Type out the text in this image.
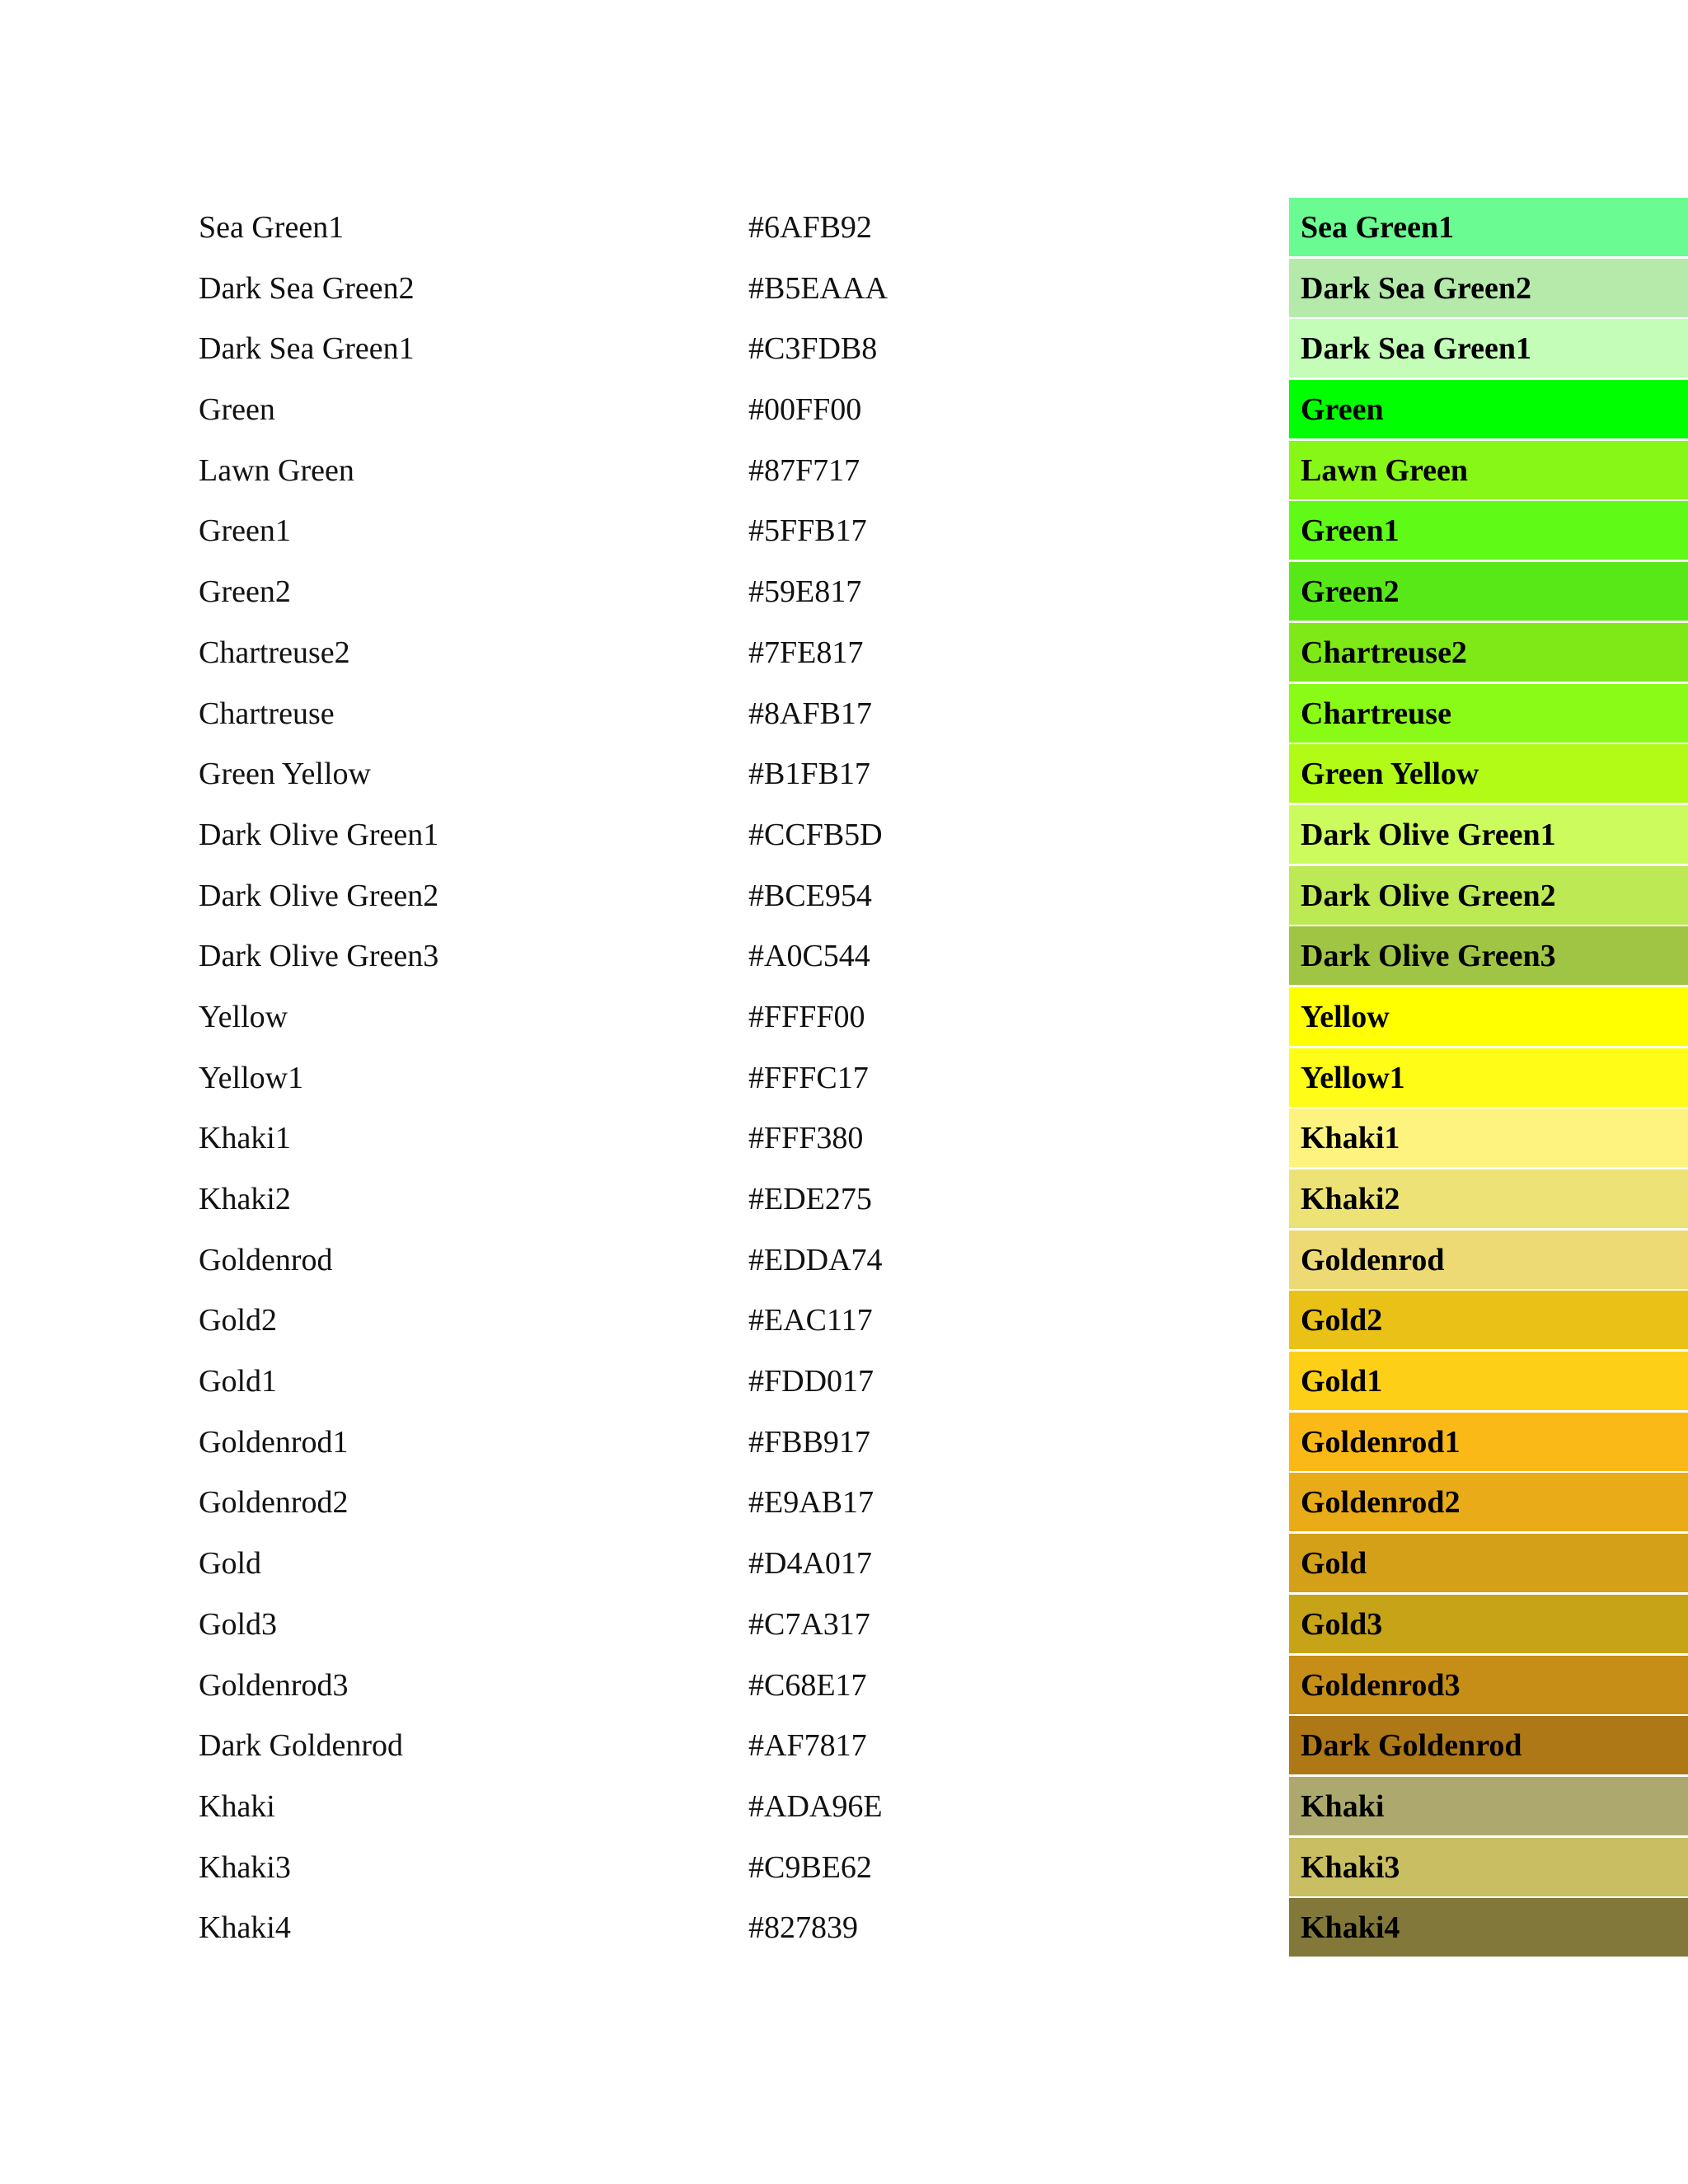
Sea Green1	#6AFB92	Sea Green1
Dark Sea Green2	#B5EAAA	Dark Sea Green2
Dark Sea Green1	#C3FDB8	Dark Sea Green1
Green	#00FF00	Green
Lawn Green	#87F717	Lawn Green
Green1	#5FFB17	Green1
Green2	#59E817	Green2
Chartreuse2	#7FE817	Chartreuse2
Chartreuse	#8AFB17	Chartreuse
Green Yellow	#B1FB17	Green Yellow
Dark Olive Green1	#CCFB5D	Dark Olive Green1
Dark Olive Green2	#BCE954	Dark Olive Green2
Dark Olive Green3	#A0C544	Dark Olive Green3
Yellow	#FFFF00	Yellow
Yellow1	#FFFC17	Yellow1
Khaki1	#FFF380	Khaki1
Khaki2	#EDE275	Khaki2
Goldenrod	#EDDA74	Goldenrod
Gold2	#EAC117	Gold2
Gold1	#FDD017	Gold1
Goldenrod1	#FBB917	Goldenrod1
Goldenrod2	#E9AB17	Goldenrod2
Gold	#D4A017	Gold
Gold3	#C7A317	Gold3
Goldenrod3	#C68E17	Goldenrod3
Dark Goldenrod	#AF7817	Dark Goldenrod
Khaki	#ADA96E	Khaki
Khaki3	#C9BE62	Khaki3
Khaki4	#827839	Khaki4
